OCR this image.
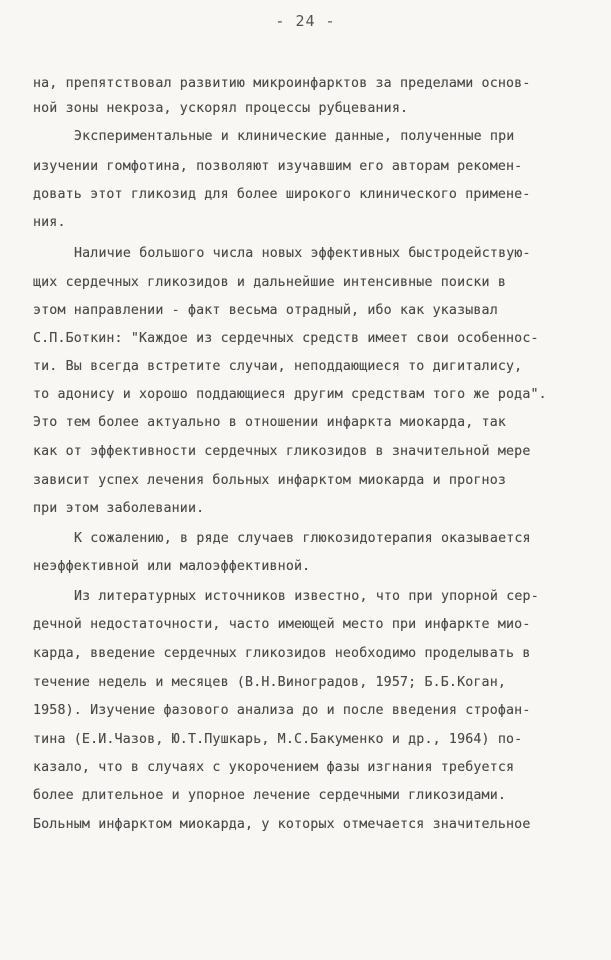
- 24 -
на, препятствовал развитию микроинфарктов за пределами основ-
ной зоны некроза, ускорял процессы рубцевания.
Экспериментальные и клинические данные, полученные при
изучении гомфотина, позволяют изучавшим его авторам рекомен-
довать этот гликозид для более широкого клинического примене-
ния.
Наличие большого числа новых эффективных быстродействую-
щих сердечных гликозидов и дальнейшие интенсивные поиски в
этом направлении - факт весьма отрадный, ибо как указывал
С.П.Боткин: "Каждое из сердечных средств имеет свои особеннос-
ти. Вы всегда встретите случаи, неподдающиеся то дигиталису,
то адонису и хорошо поддающиеся другим средствам того же рода".
Это тем более актуально в отношении инфаркта миокарда, так
как от эффективности сердечных гликозидов в значительной мере
зависит успех лечения больных инфарктом миокарда и прогноз
при этом заболевании.
К сожалению, в ряде случаев глюкозидотерапия оказывается
неэффективной или малоэффективной.
Из литературных источников известно, что при упорной сер-
дечной недостаточности, часто имеющей место при инфаркте мио-
карда, введение сердечных гликозидов необходимо проделывать в
течение недель и месяцев (В.Н.Виноградов, 1957; Б.Б.Коган,
1958). Изучение фазового анализа до и после введения строфан-
тина (Е.И.Чазов, Ю.Т.Пушкарь, М.С.Бакуменко и др., 1964) по-
казало, что в случаях с укорочением фазы изгнания требуется
более длительное и упорное лечение сердечными гликозидами.
Больным инфарктом миокарда, у которых отмечается значительное
